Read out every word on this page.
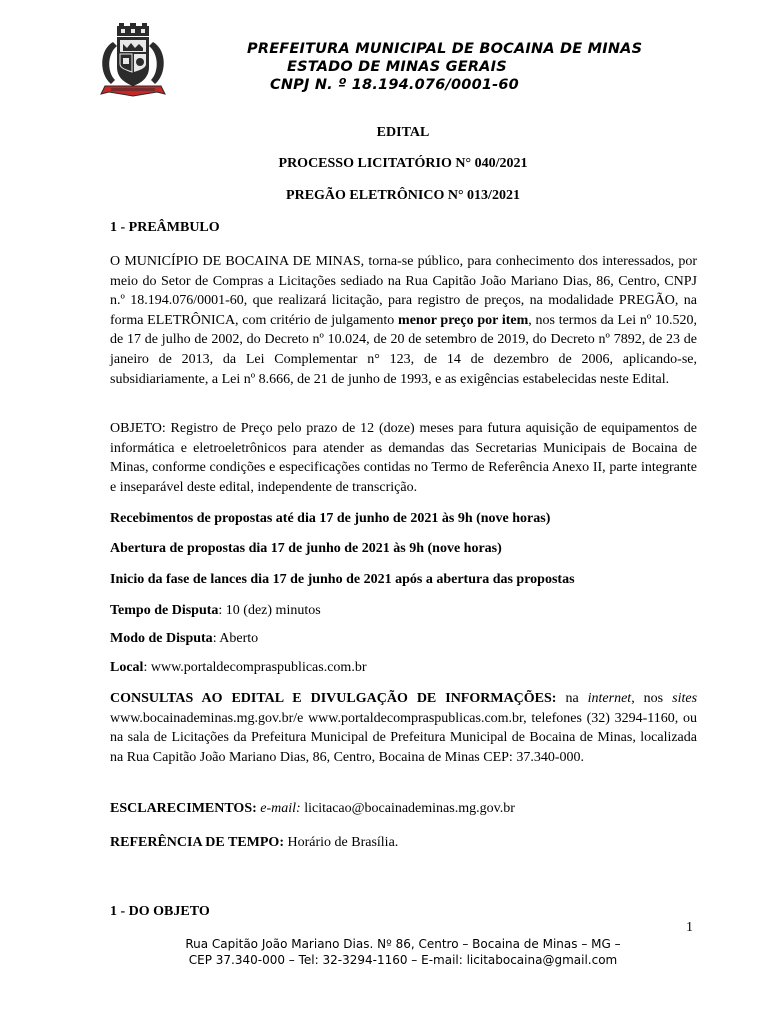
PREFEITURA MUNICIPAL DE BOCAINA DE MINAS
ESTADO DE MINAS GERAIS
CNPJ N. º 18.194.076/0001-60
EDITAL
PROCESSO LICITATÓRIO N° 040/2021
PREGÃO ELETRÔNICO N° 013/2021
1 - PREÂMBULO

O MUNICÍPIO DE BOCAINA DE MINAS, torna-se público, para conhecimento dos interessados, por meio do Setor de Compras a Licitações sediado na Rua Capitão João Mariano Dias, 86, Centro, CNPJ n.º 18.194.076/0001-60, que realizará licitação, para registro de preços, na modalidade PREGÃO, na forma ELETRÔNICA, com critério de julgamento menor preço por item, nos termos da Lei nº 10.520, de 17 de julho de 2002, do Decreto nº 10.024, de 20 de setembro de 2019, do Decreto nº 7892, de 23 de janeiro de 2013, da Lei Complementar n° 123, de 14 de dezembro de 2006, aplicando-se, subsidiariamente, a Lei nº 8.666, de 21 de junho de 1993, e as exigências estabelecidas neste Edital.

OBJETO: Registro de Preço pelo prazo de 12 (doze) meses para futura aquisição de equipamentos de informática e eletroeletrônicos para atender as demandas das Secretarias Municipais de Bocaina de Minas, conforme condições e especificações contidas no Termo de Referência Anexo II, parte integrante e inseparável deste edital, independente de transcrição.

Recebimentos de propostas até dia 17 de junho de 2021 às 9h (nove horas)
Abertura de propostas dia 17 de junho de 2021 às 9h (nove horas)
Inicio da fase de lances dia 17 de junho de 2021 após a abertura das propostas
Tempo de Disputa: 10 (dez) minutos
Modo de Disputa: Aberto
Local: www.portaldecompraspublicas.com.br

CONSULTAS AO EDITAL E DIVULGAÇÃO DE INFORMAÇÕES: na internet, nos sites www.bocainademinas.mg.gov.br/e www.portaldecompraspublicas.com.br, telefones (32) 3294-1160, ou na sala de Licitações da Prefeitura Municipal de Prefeitura Municipal de Bocaina de Minas, localizada na Rua Capitão João Mariano Dias, 86, Centro, Bocaina de Minas CEP: 37.340-000.

ESCLARECIMENTOS: e-mail: licitacao@bocainademinas.mg.gov.br
REFERÊNCIA DE TEMPO: Horário de Brasília.
1 - DO OBJETO
1
Rua Capitão João Mariano Dias. Nº 86, Centro – Bocaina de Minas – MG –
CEP 37.340-000 – Tel: 32-3294-1160 – E-mail: licitabocaina@gmail.com
